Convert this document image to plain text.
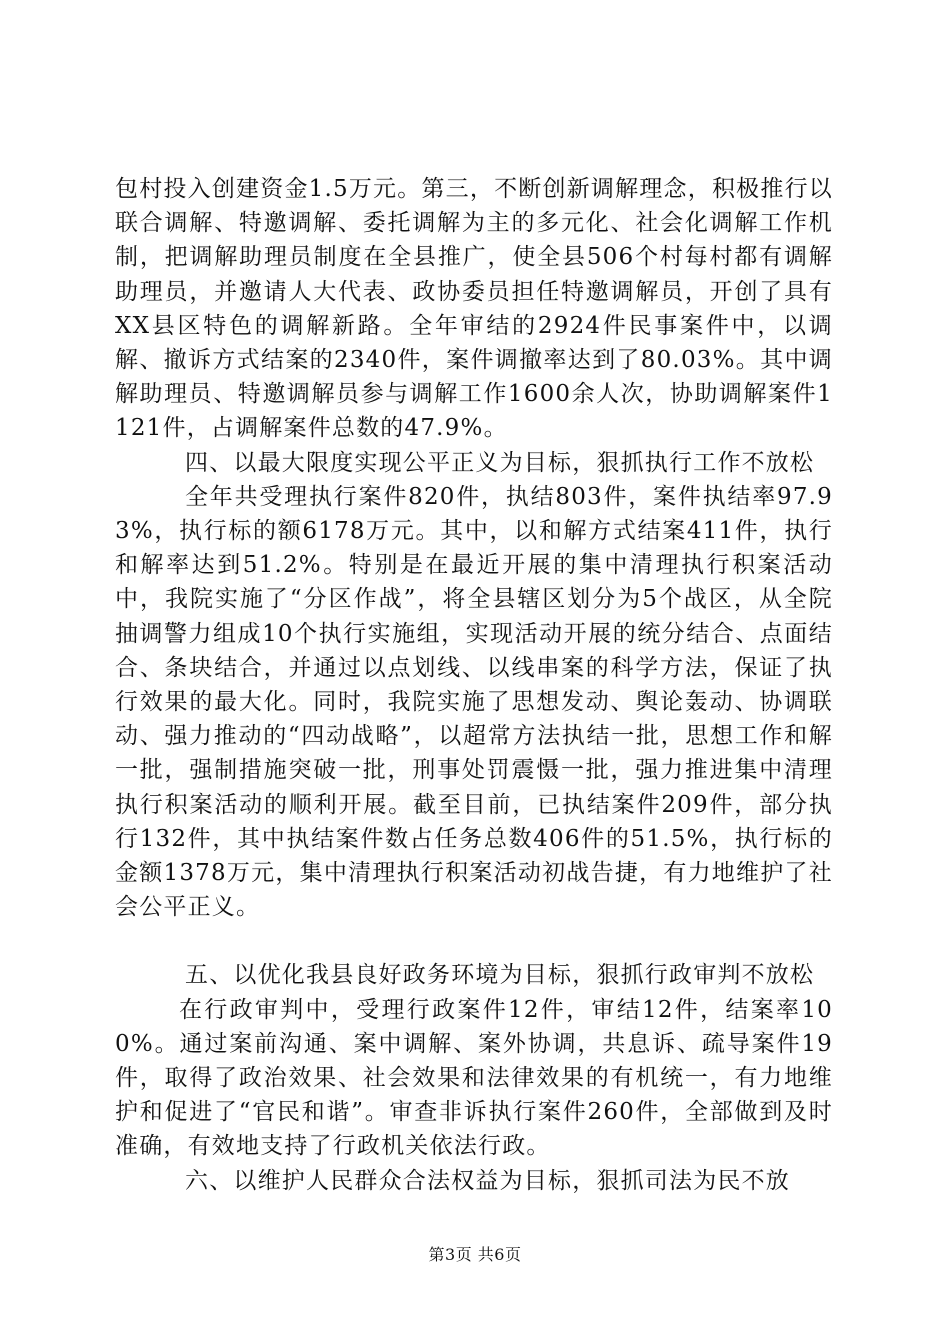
包村投入创建资金1.5万元。第三，不断创新调解理念，积极推行以联合调解、特邀调解、委托调解为主的多元化、社会化调解工作机制，把调解助理员制度在全县推广，使全县506个村每村都有调解助理员，并邀请人大代表、政协委员担任特邀调解员，开创了具有XX县区特色的调解新路。全年审结的2924件民事案件中，以调解、撤诉方式结案的2340件，案件调撤率达到了80.03%。其中调解助理员、特邀调解员参与调解工作1600余人次，协助调解案件1121件，占调解案件总数的47.9%。

四、以最大限度实现公平正义为目标，狠抓执行工作不放松

全年共受理执行案件820件，执结803件，案件执结率97.93%，执行标的额6178万元。其中，以和解方式结案411件，执行和解率达到51.2%。特别是在最近开展的集中清理执行积案活动中，我院实施了“分区作战”，将全县辖区划分为5个战区，从全院抽调警力组成10个执行实施组，实现活动开展的统分结合、点面结合、条块结合，并通过以点划线、以线串案的科学方法，保证了执行效果的最大化。同时，我院实施了思想发动、舆论轰动、协调联动、强力推动的“四动战略”，以超常方法执结一批，思想工作和解一批，强制措施突破一批，刑事处罚震慑一批，强力推进集中清理执行积案活动的顺利开展。截至目前，已执结案件209件，部分执行132件，其中执结案件数占任务总数406件的51.5%，执行标的金额1378万元，集中清理执行积案活动初战告捷，有力地维护了社会公平正义。

五、以优化我县良好政务环境为目标，狠抓行政审判不放松

在行政审判中，受理行政案件12件，审结12件，结案率100%。通过案前沟通、案中调解、案外协调，共息诉、疏导案件19件，取得了政治效果、社会效果和法律效果的有机统一，有力地维护和促进了“官民和谐”。审查非诉执行案件260件，全部做到及时准确，有效地支持了行政机关依法行政。

六、以维护人民群众合法权益为目标，狠抓司法为民不放

第3页 共6页
